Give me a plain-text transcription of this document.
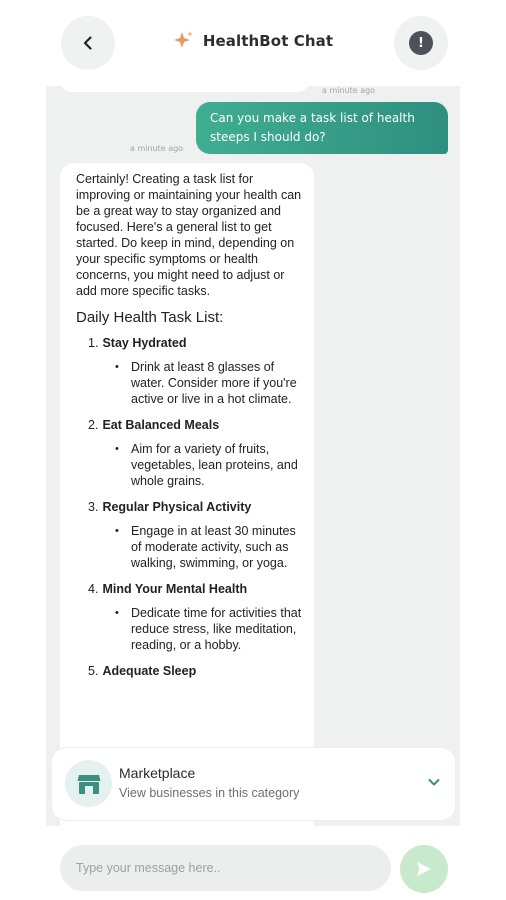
HealthBot Chat	!
a minute ago
a minute ago
Can you make a task list of health steeps I should do?

Certainly! Creating a task list for improving or maintaining your health can be a great way to stay organized and focused. Here's a general list to get started. Do keep in mind, depending on your specific symptoms or health concerns, you might need to adjust or add more specific tasks.

Daily Health Task List:
1. Stay Hydrated
• Drink at least 8 glasses of water. Consider more if you're active or live in a hot climate.
2. Eat Balanced Meals
• Aim for a variety of fruits, vegetables, lean proteins, and whole grains.
3. Regular Physical Activity
• Engage in at least 30 minutes of moderate activity, such as walking, swimming, or yoga.
4. Mind Your Mental Health
• Dedicate time for activities that reduce stress, like meditation, reading, or a hobby.
5. Adequate Sleep
Marketplace
View businesses in this category
Type your message here..
